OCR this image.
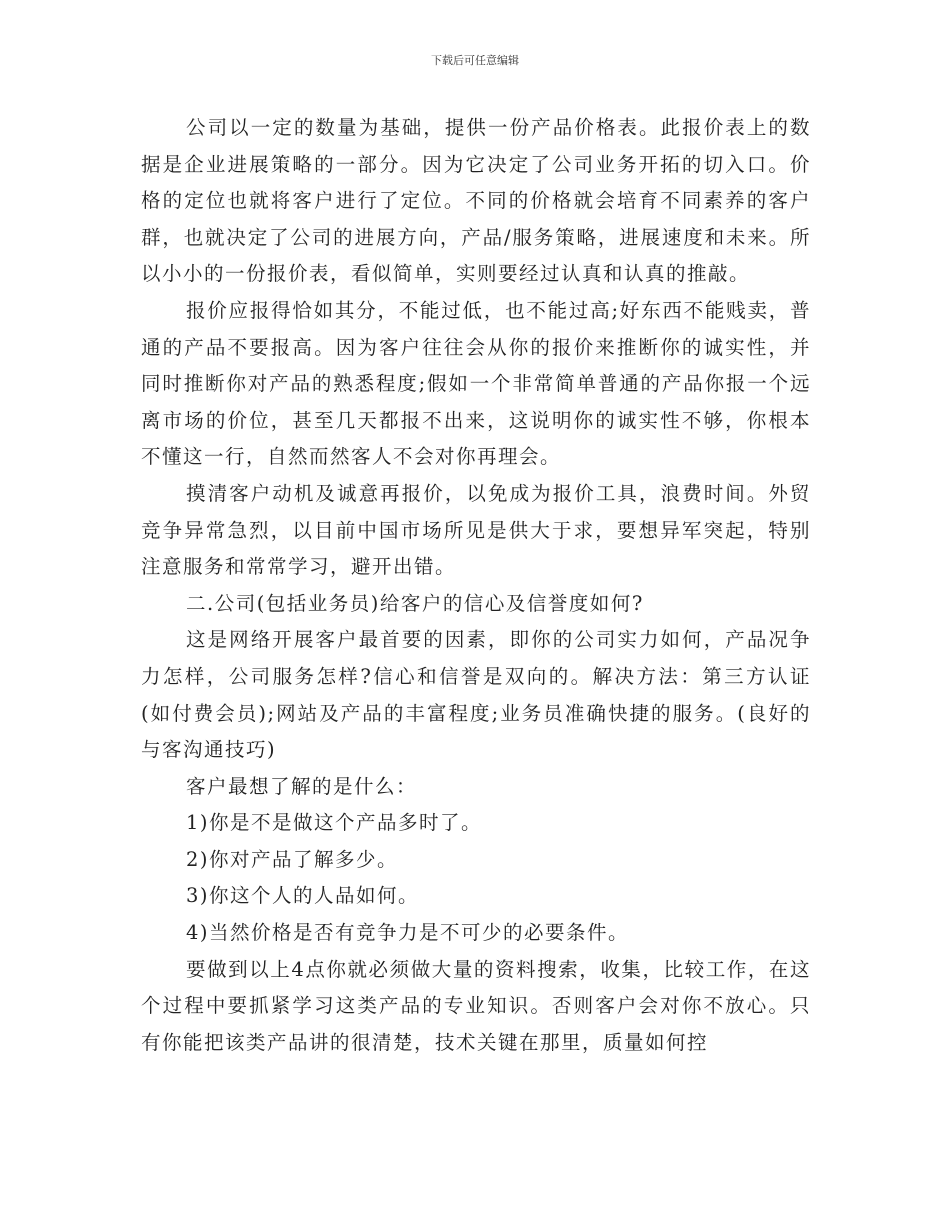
下载后可任意编辑

公司以一定的数量为基础，提供一份产品价格表。此报价表上的数据是企业进展策略的一部分。因为它决定了公司业务开拓的切入口。价格的定位也就将客户进行了定位。不同的价格就会培育不同素养的客户群，也就决定了公司的进展方向，产品/服务策略，进展速度和未来。所以小小的一份报价表，看似简单，实则要经过认真和认真的推敲。

报价应报得恰如其分，不能过低，也不能过高;好东西不能贱卖，普通的产品不要报高。因为客户往往会从你的报价来推断你的诚实性，并同时推断你对产品的熟悉程度;假如一个非常简单普通的产品你报一个远离市场的价位，甚至几天都报不出来，这说明你的诚实性不够，你根本不懂这一行，自然而然客人不会对你再理会。

摸清客户动机及诚意再报价，以免成为报价工具，浪费时间。外贸竞争异常急烈，以目前中国市场所见是供大于求，要想异军突起，特别注意服务和常常学习，避开出错。

二.公司(包括业务员)给客户的信心及信誉度如何?

这是网络开展客户最首要的因素，即你的公司实力如何，产品况争力怎样，公司服务怎样?信心和信誉是双向的。解决方法：第三方认证(如付费会员);网站及产品的丰富程度;业务员准确快捷的服务。(良好的与客沟通技巧)

客户最想了解的是什么：

1)你是不是做这个产品多时了。

2)你对产品了解多少。

3)你这个人的人品如何。

4)当然价格是否有竞争力是不可少的必要条件。

要做到以上4点你就必须做大量的资料搜索，收集，比较工作，在这个过程中要抓紧学习这类产品的专业知识。否则客户会对你不放心。只有你能把该类产品讲的很清楚，技术关键在那里，质量如何控
